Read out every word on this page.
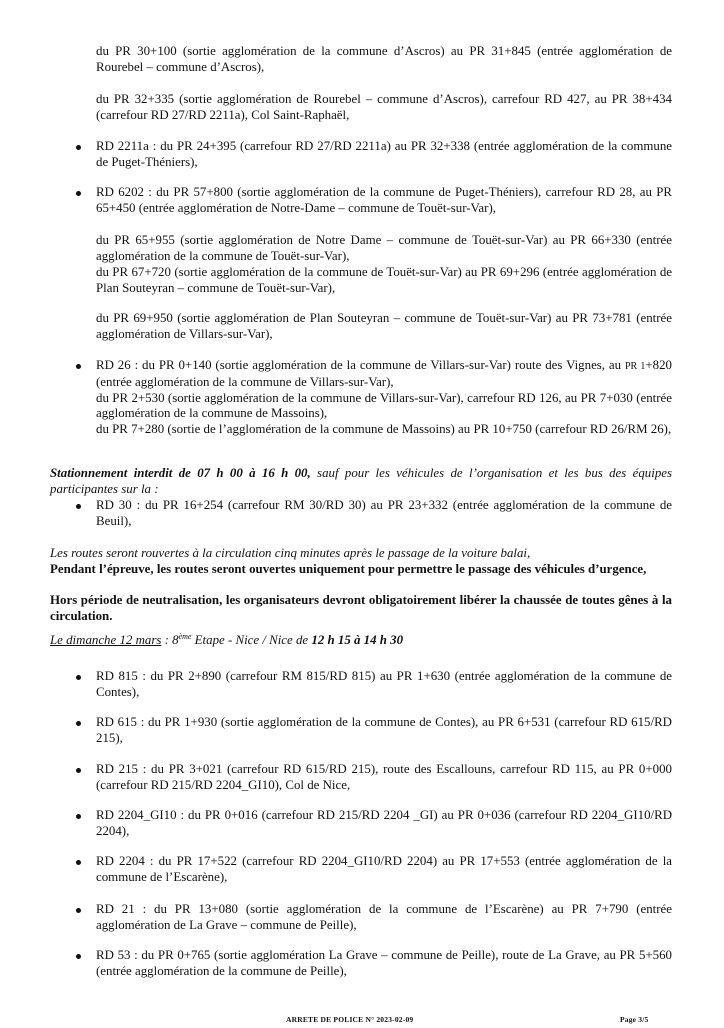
du PR 30+100 (sortie agglomération de la commune d’Ascros) au PR 31+845 (entrée agglomération de Rourebel – commune d’Ascros),

du PR 32+335 (sortie agglomération de Rourebel – commune d’Ascros), carrefour RD 427, au PR 38+434 (carrefour RD 27/RD 2211a), Col Saint-Raphaël,

RD 2211a : du PR 24+395 (carrefour RD 27/RD 2211a) au PR 32+338 (entrée agglomération de la commune de Puget-Théniers),

RD 6202 : du PR 57+800 (sortie agglomération de la commune de Puget-Théniers), carrefour RD 28, au PR 65+450 (entrée agglomération de Notre-Dame – commune de Touët-sur-Var),

du PR 65+955 (sortie agglomération de Notre Dame – commune de Touët-sur-Var) au PR 66+330 (entrée agglomération de la commune de Touët-sur-Var),

du PR 67+720 (sortie agglomération de la commune de Touët-sur-Var) au PR 69+296 (entrée agglomération de Plan Souteyran – commune de Touët-sur-Var),

du PR 69+950 (sortie agglomération de Plan Souteyran – commune de Touët-sur-Var) au PR 73+781 (entrée agglomération de Villars-sur-Var),

RD 26 : du PR 0+140 (sortie agglomération de la commune de Villars-sur-Var) route des Vignes, au PR 1+820 (entrée agglomération de la commune de Villars-sur-Var),

du PR 2+530 (sortie agglomération de la commune de Villars-sur-Var), carrefour RD 126, au PR 7+030 (entrée agglomération de la commune de Massoins),

du PR 7+280 (sortie de l’agglomération de la commune de Massoins) au PR 10+750 (carrefour RD 26/RM 26),

Stationnement interdit de 07 h 00 à 16 h 00, sauf pour les véhicules de l’organisation et les bus des équipes participantes sur la :

RD 30 : du PR 16+254 (carrefour RM 30/RD 30) au PR 23+332 (entrée agglomération de la commune de Beuil),

Les routes seront rouvertes à la circulation cinq minutes après le passage de la voiture balai,

Pendant l’épreuve, les routes seront ouvertes uniquement pour permettre le passage des véhicules d’urgence,

Hors période de neutralisation, les organisateurs devront obligatoirement libérer la chaussée de toutes gênes à la circulation.

Le dimanche 12 mars : 8ème Etape - Nice / Nice de 12 h 15 à 14 h 30

RD 815 : du PR 2+890 (carrefour RM 815/RD 815) au PR 1+630 (entrée agglomération de la commune de Contes),

RD 615 : du PR 1+930 (sortie agglomération de la commune de Contes), au PR 6+531 (carrefour RD 615/RD 215),

RD 215 : du PR 3+021 (carrefour RD 615/RD 215), route des Escallouns, carrefour RD 115, au PR 0+000 (carrefour RD 215/RD 2204_GI10), Col de Nice,

RD 2204_GI10 : du PR 0+016 (carrefour RD 215/RD 2204 _GI) au PR 0+036 (carrefour RD 2204_GI10/RD 2204),

RD 2204 : du PR 17+522 (carrefour RD 2204_GI10/RD 2204) au PR 17+553 (entrée agglomération de la commune de l’Escarène),

RD 21 : du PR 13+080 (sortie agglomération de la commune de l’Escarène) au PR 7+790 (entrée agglomération de La Grave – commune de Peille),

RD 53 : du PR 0+765 (sortie agglomération La Grave – commune de Peille), route de La Grave, au PR 5+560 (entrée agglomération de la commune de Peille),

ARRETE DE POLICE N° 2023-02-09	Page 3/5
